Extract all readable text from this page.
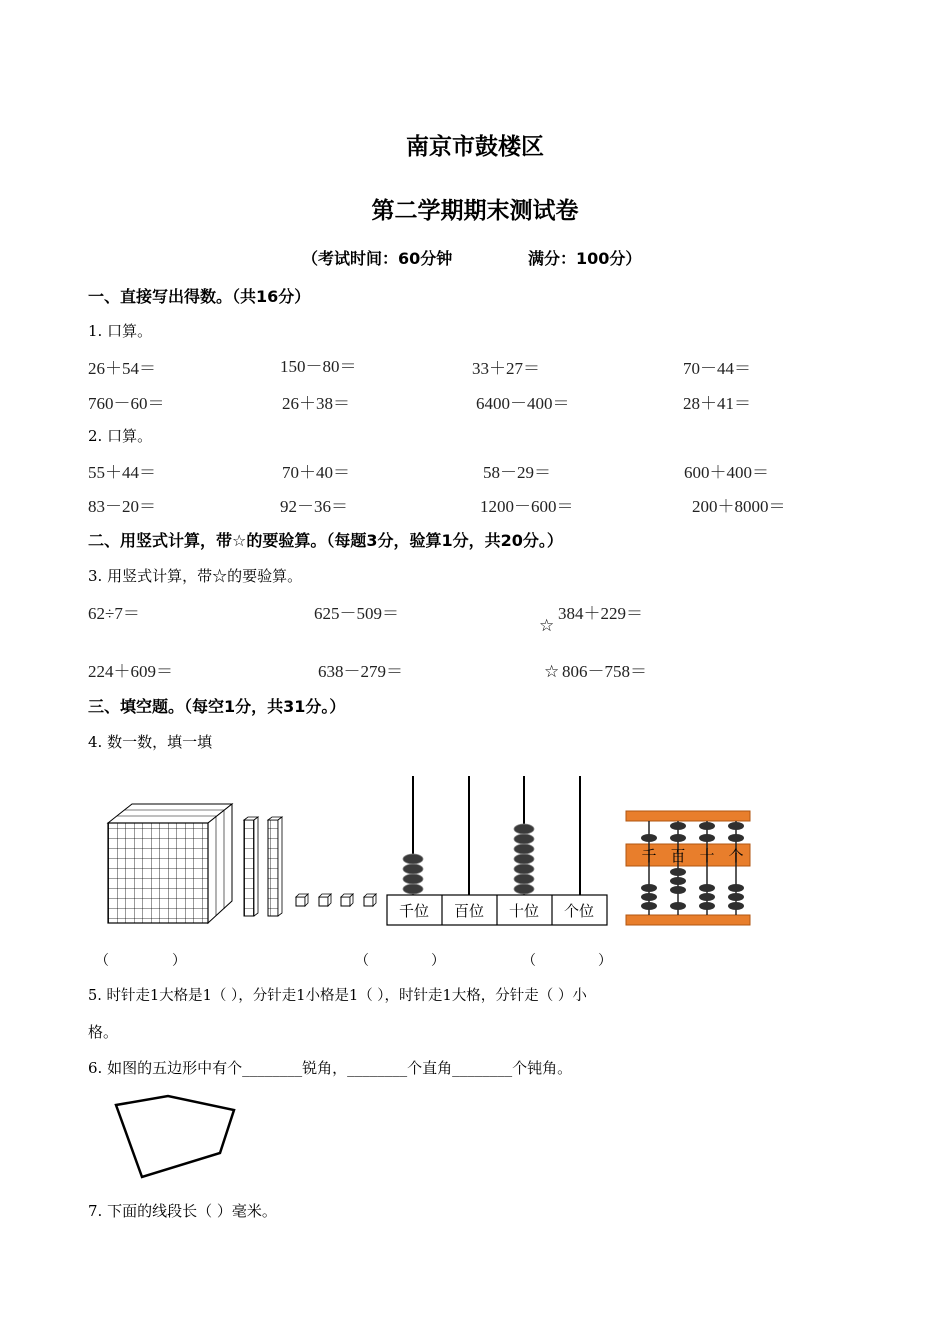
南京市鼓楼区
第二学期期末测试卷
（考试时间：60分钟	满分：100分）
一、直接写出得数。（共16分）
1. 口算。
26＋54＝	150－80＝	33＋27＝	70－44＝
760－60＝	26＋38＝	6400－400＝	28＋41＝
2. 口算。
55＋44＝	70＋40＝	58－29＝	600＋400＝
83－20＝	92－36＝	1200－600＝	200＋8000＝
二、用竖式计算，带☆的要验算。（每题3分，验算1分，共20分。）
3. 用竖式计算，带☆的要验算。
62÷7＝	625－509＝	384＋229＝
☆
224＋609＝	638－279＝	☆ 806－758＝
三、填空题。（每空1分，共31分。）
4. 数一数，填一填
千位 百位 十位 个位
千 百 十 个
（	）	（	）	（	）
5. 时针走1大格是1（ ），分针走1小格是1（ ），时针走1大格，分针走（ ）小
格。
6. 如图的五边形中有个________锐角，________个直角________个钝角。
7. 下面的线段长（ ）毫米。
